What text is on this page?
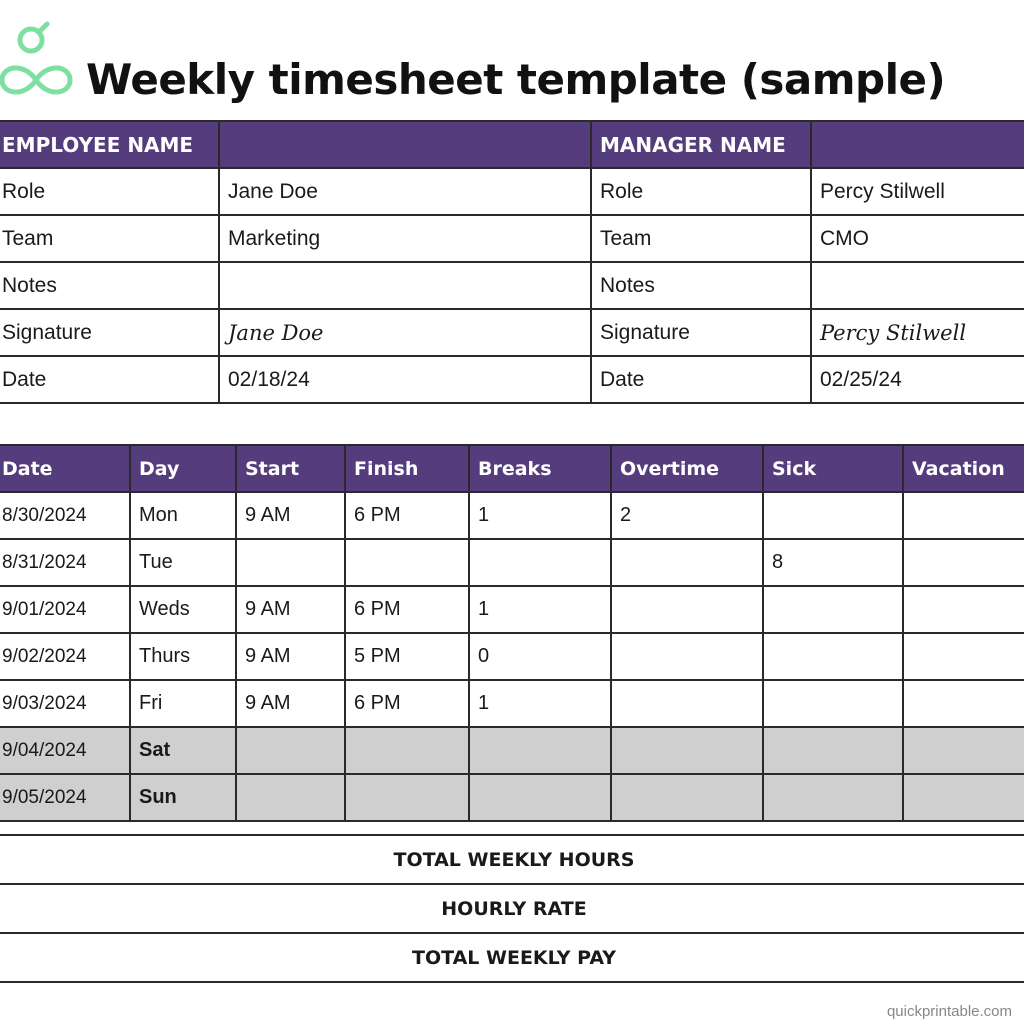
Weekly timesheet template (sample)
EMPLOYEE NAME		MANAGER NAME	
Role	Jane Doe	Role	Percy Stilwell
Team	Marketing	Team	CMO
Notes		Notes	
Signature	Jane Doe	Signature	Percy Stilwell
Date	02/18/24	Date	02/25/24
Date	Day	Start	Finish	Breaks	Overtime	Sick	Vacation
8/30/2024	Mon	9 AM	6 PM	1	2		
8/31/2024	Tue					8	
9/01/2024	Weds	9 AM	6 PM	1			
9/02/2024	Thurs	9 AM	5 PM	0			
9/03/2024	Fri	9 AM	6 PM	1			
9/04/2024	Sat						
9/05/2024	Sun						
TOTAL WEEKLY HOURS
HOURLY RATE
TOTAL WEEKLY PAY
quickprintable.com
